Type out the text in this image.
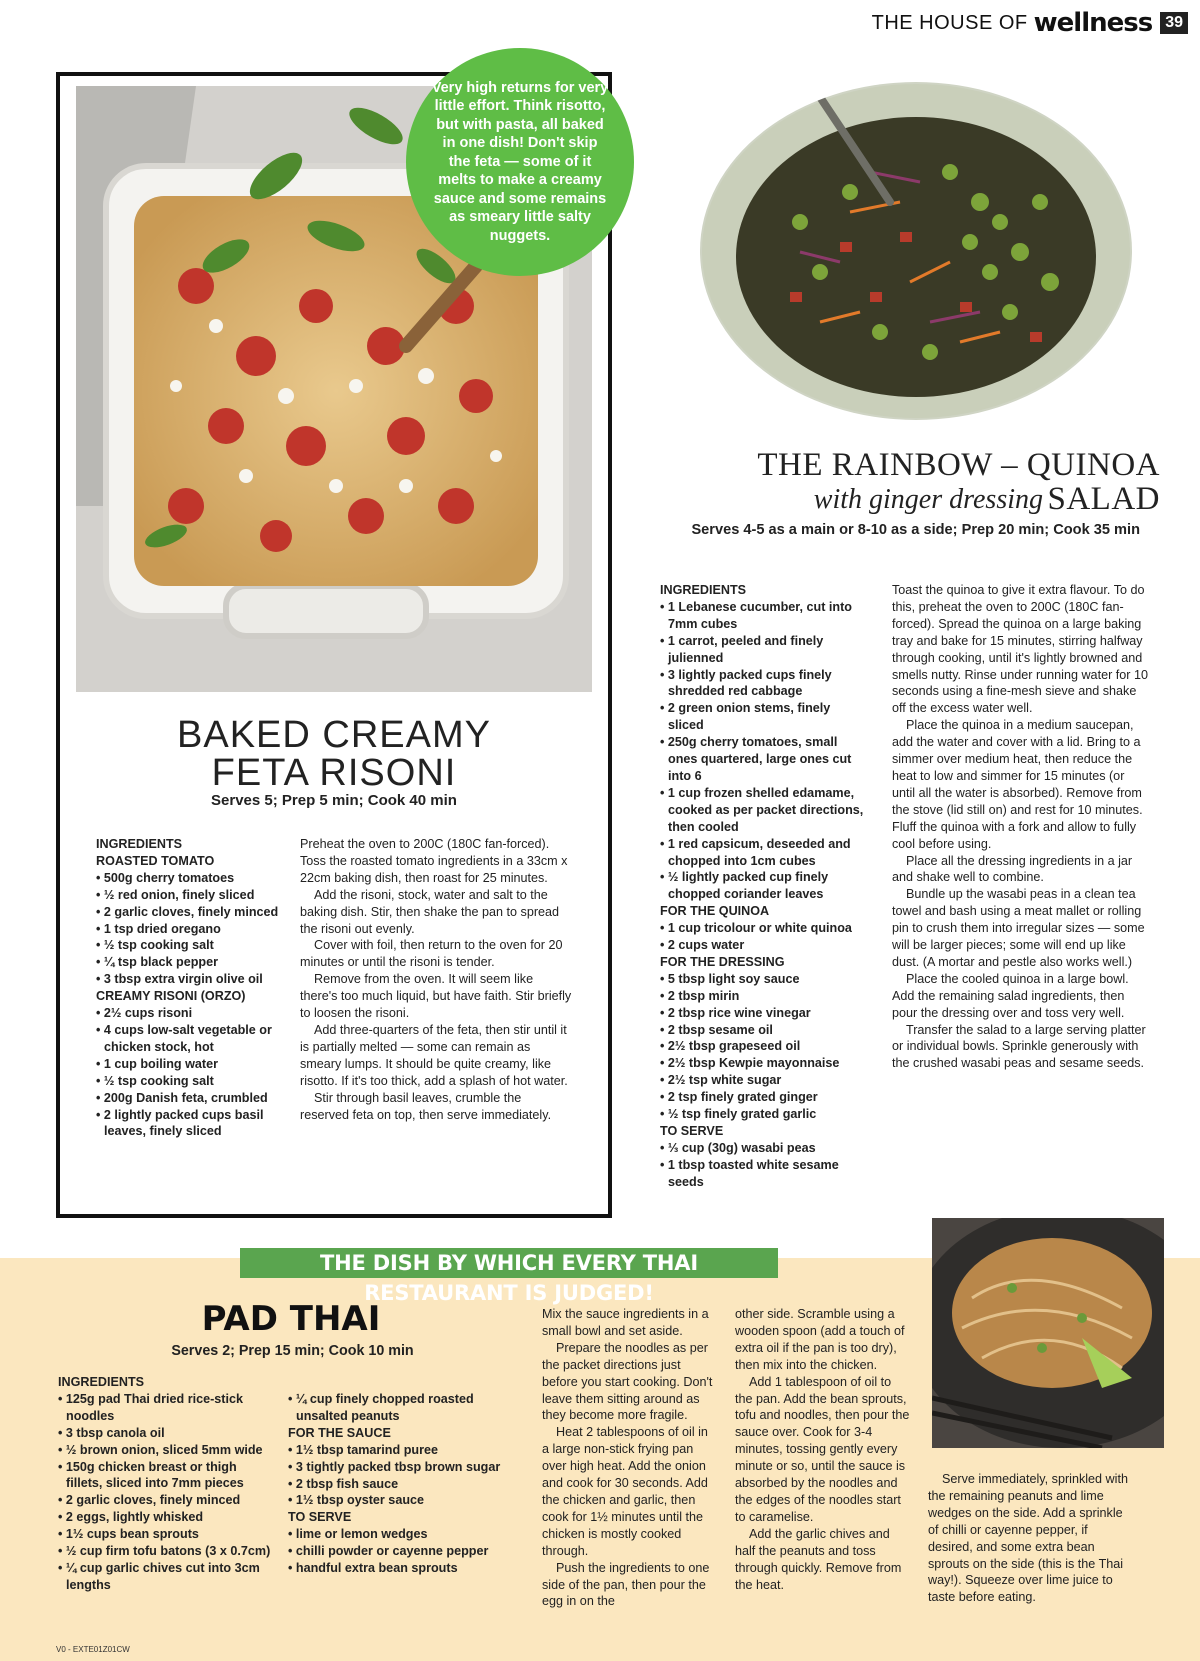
THE HOUSE OF wellness 39
Very high returns for very little effort. Think risotto, but with pasta, all baked in one dish! Don't skip the feta — some of it melts to make a creamy sauce and some remains as smeary little salty nuggets.
BAKED CREAMY
FETA RISONI
Serves 5; Prep 5 min; Cook 40 min
INGREDIENTS
ROASTED TOMATO
• 500g cherry tomatoes
• ½ red onion, finely sliced
• 2 garlic cloves, finely minced
• 1 tsp dried oregano
• ½ tsp cooking salt
• ¼ tsp black pepper
• 3 tbsp extra virgin olive oil
CREAMY RISONI (ORZO)
• 2½ cups risoni
• 4 cups low-salt vegetable or chicken stock, hot
• 1 cup boiling water
• ½ tsp cooking salt
• 200g Danish feta, crumbled
• 2 lightly packed cups basil leaves, finely sliced

Preheat the oven to 200C (180C fan-forced). Toss the roasted tomato ingredients in a 33cm x 22cm baking dish, then roast for 25 minutes.

Add the risoni, stock, water and salt to the baking dish. Stir, then shake the pan to spread the risoni out evenly.

Cover with foil, then return to the oven for 20 minutes or until the risoni is tender.

Remove from the oven. It will seem like there's too much liquid, but have faith. Stir briefly to loosen the risoni.

Add three-quarters of the feta, then stir until it is partially melted — some can remain as smeary lumps. It should be quite creamy, like risotto. If it's too thick, add a splash of hot water.

Stir through basil leaves, crumble the reserved feta on top, then serve immediately.

THE RAINBOW – QUINOA SALAD
with ginger dressing
Serves 4-5 as a main or 8-10 as a side; Prep 20 min; Cook 35 min
INGREDIENTS
• 1 Lebanese cucumber, cut into 7mm cubes
• 1 carrot, peeled and finely julienned
• 3 lightly packed cups finely shredded red cabbage
• 2 green onion stems, finely sliced
• 250g cherry tomatoes, small ones quartered, large ones cut into 6
• 1 cup frozen shelled edamame, cooked as per packet directions, then cooled
• 1 red capsicum, deseeded and chopped into 1cm cubes
• ½ lightly packed cup finely chopped coriander leaves
FOR THE QUINOA
• 1 cup tricolour or white quinoa
• 2 cups water
FOR THE DRESSING
• 5 tbsp light soy sauce
• 2 tbsp mirin
• 2 tbsp rice wine vinegar
• 2 tbsp sesame oil
• 2½ tbsp grapeseed oil
• 2½ tbsp Kewpie mayonnaise
• 2½ tsp white sugar
• 2 tsp finely grated ginger
• ½ tsp finely grated garlic
TO SERVE
• ⅓ cup (30g) wasabi peas
• 1 tbsp toasted white sesame seeds

Toast the quinoa to give it extra flavour. To do this, preheat the oven to 200C (180C fan-forced). Spread the quinoa on a large baking tray and bake for 15 minutes, stirring halfway through cooking, until it's lightly browned and smells nutty. Rinse under running water for 10 seconds using a fine-mesh sieve and shake off the excess water well.

Place the quinoa in a medium saucepan, add the water and cover with a lid. Bring to a simmer over medium heat, then reduce the heat to low and simmer for 15 minutes (or until all the water is absorbed). Remove from the stove (lid still on) and rest for 10 minutes. Fluff the quinoa with a fork and allow to fully cool before using.

Place all the dressing ingredients in a jar and shake well to combine.

Bundle up the wasabi peas in a clean tea towel and bash using a meat mallet or rolling pin to crush them into irregular sizes — some will be larger pieces; some will end up like dust. (A mortar and pestle also works well.)

Place the cooled quinoa in a large bowl. Add the remaining salad ingredients, then pour the dressing over and toss very well.

Transfer the salad to a large serving platter or individual bowls. Sprinkle generously with the crushed wasabi peas and sesame seeds.

THE DISH BY WHICH EVERY THAI RESTAURANT IS JUDGED!
PAD THAI
Serves 2; Prep 15 min; Cook 10 min
INGREDIENTS
• 125g pad Thai dried rice-stick noodles
• 3 tbsp canola oil
• ½ brown onion, sliced 5mm wide
• 150g chicken breast or thigh fillets, sliced into 7mm pieces
• 2 garlic cloves, finely minced
• 2 eggs, lightly whisked
• 1½ cups bean sprouts
• ½ cup firm tofu batons (3 x 0.7cm)
• ¼ cup garlic chives cut into 3cm lengths
• ¼ cup finely chopped roasted unsalted peanuts
FOR THE SAUCE
• 1½ tbsp tamarind puree
• 3 tightly packed tbsp brown sugar
• 2 tbsp fish sauce
• 1½ tbsp oyster sauce
TO SERVE
• lime or lemon wedges
• chilli powder or cayenne pepper
• handful extra bean sprouts

Mix the sauce ingredients in a small bowl and set aside.

Prepare the noodles as per the packet directions just before you start cooking. Don't leave them sitting around as they become more fragile.

Heat 2 tablespoons of oil in a large non-stick frying pan over high heat. Add the onion and cook for 30 seconds. Add the chicken and garlic, then cook for 1½ minutes until the chicken is mostly cooked through.

Push the ingredients to one side of the pan, then pour the egg in on the

other side. Scramble using a wooden spoon (add a touch of extra oil if the pan is too dry), then mix into the chicken.

Add 1 tablespoon of oil to the pan. Add the bean sprouts, tofu and noodles, then pour the sauce over. Cook for 3-4 minutes, tossing gently every minute or so, until the sauce is absorbed by the noodles and the edges of the noodles start to caramelise.

Add the garlic chives and half the peanuts and toss through quickly. Remove from the heat.

Serve immediately, sprinkled with the remaining peanuts and lime wedges on the side. Add a sprinkle of chilli or cayenne pepper, if desired, and some extra bean sprouts on the side (this is the Thai way!). Squeeze over lime juice to taste before eating.

V0 - EXTE01Z01CW
